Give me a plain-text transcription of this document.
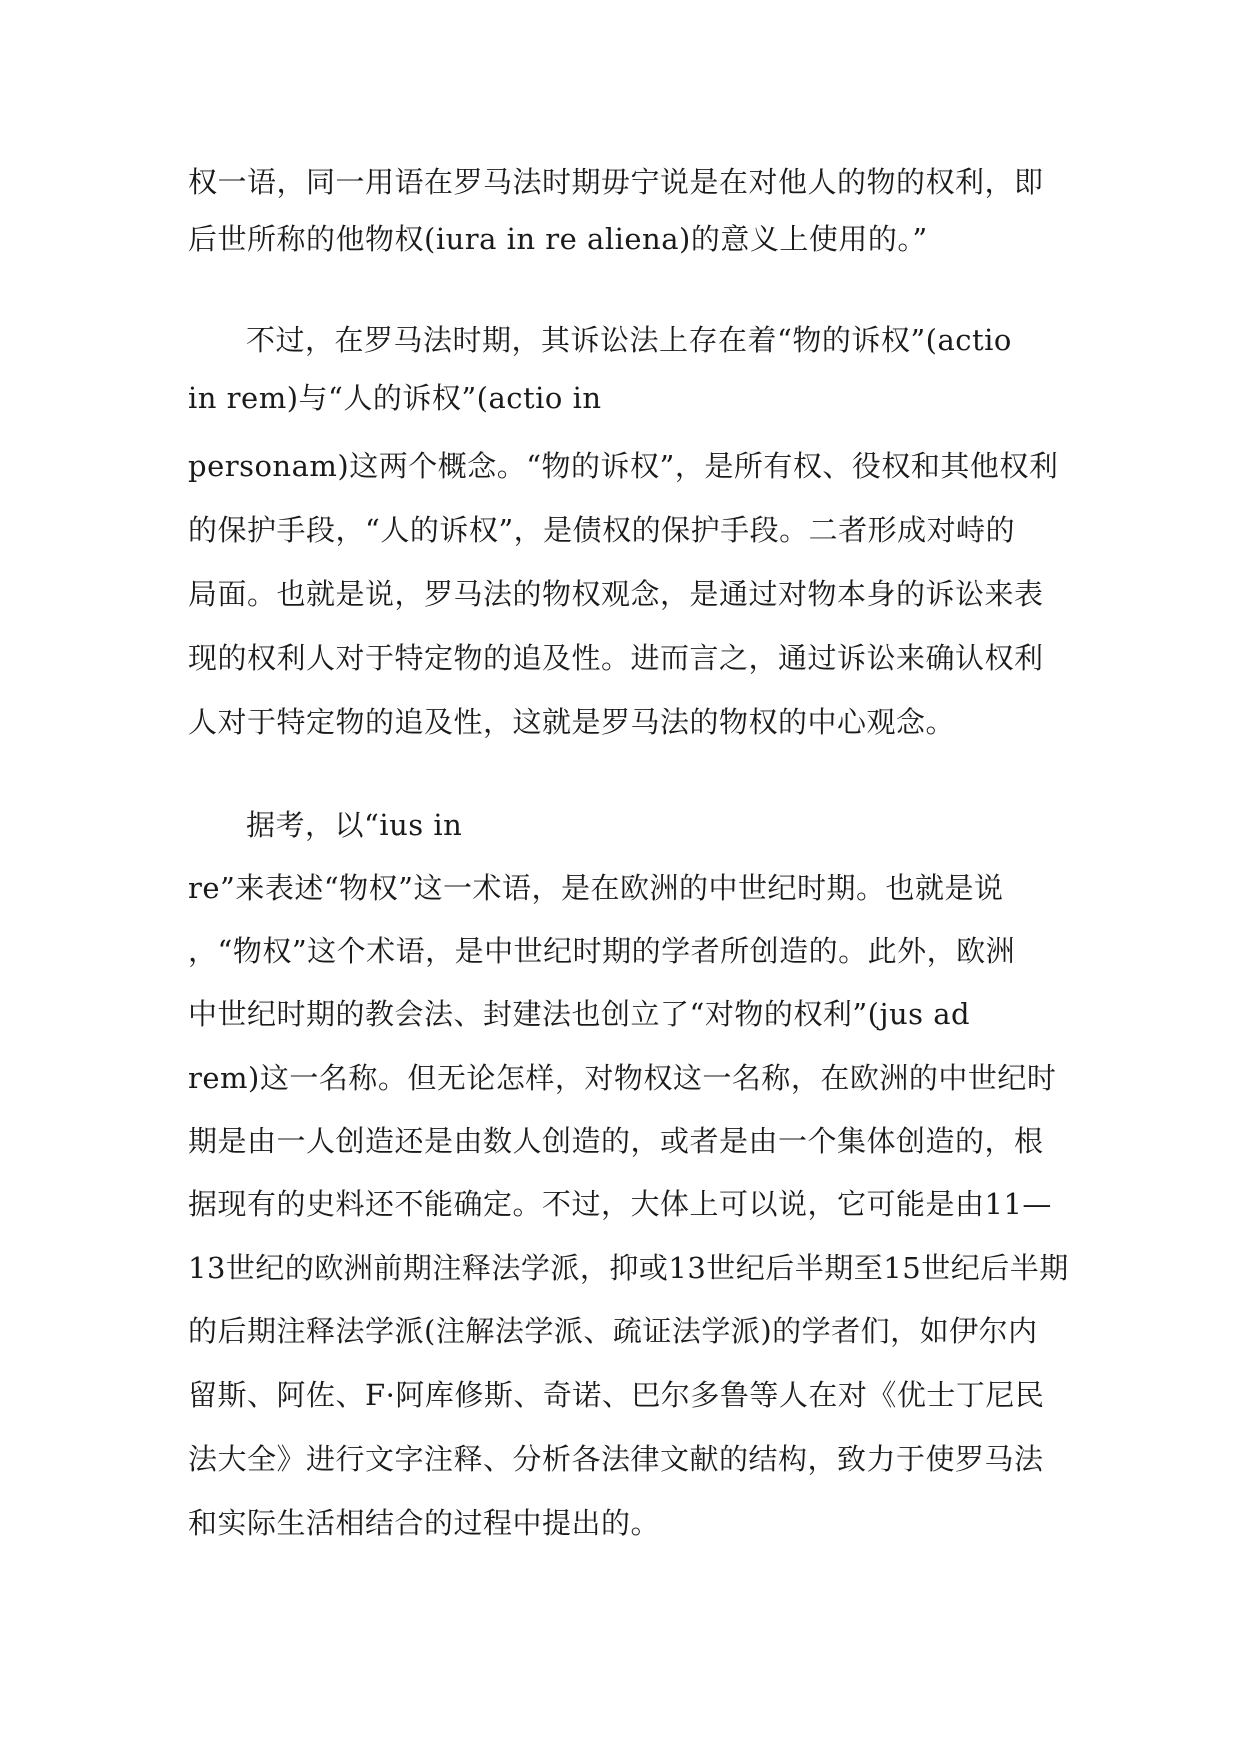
权一语，同一用语在罗马法时期毋宁说是在对他人的物的权利，即

后世所称的他物权(iura in re aliena)的意义上使用的。”

不过，在罗马法时期，其诉讼法上存在着“物的诉权”(actio

in rem)与“人的诉权”(actio in

personam)这两个概念。“物的诉权”，是所有权、役权和其他权利

的保护手段，“人的诉权”，是债权的保护手段。二者形成对峙的

局面。也就是说，罗马法的物权观念，是通过对物本身的诉讼来表

现的权利人对于特定物的追及性。进而言之，通过诉讼来确认权利

人对于特定物的追及性，这就是罗马法的物权的中心观念。

据考，以“ius in

re”来表述“物权”这一术语，是在欧洲的中世纪时期。也就是说

，“物权”这个术语，是中世纪时期的学者所创造的。此外，欧洲

中世纪时期的教会法、封建法也创立了“对物的权利”(jus ad

rem)这一名称。但无论怎样，对物权这一名称，在欧洲的中世纪时

期是由一人创造还是由数人创造的，或者是由一个集体创造的，根

据现有的史料还不能确定。不过，大体上可以说，它可能是由11—

13世纪的欧洲前期注释法学派，抑或13世纪后半期至15世纪后半期

的后期注释法学派(注解法学派、疏证法学派)的学者们，如伊尔内

留斯、阿佐、F·阿库修斯、奇诺、巴尔多鲁等人在对《优士丁尼民

法大全》进行文字注释、分析各法律文献的结构，致力于使罗马法

和实际生活相结合的过程中提出的。
